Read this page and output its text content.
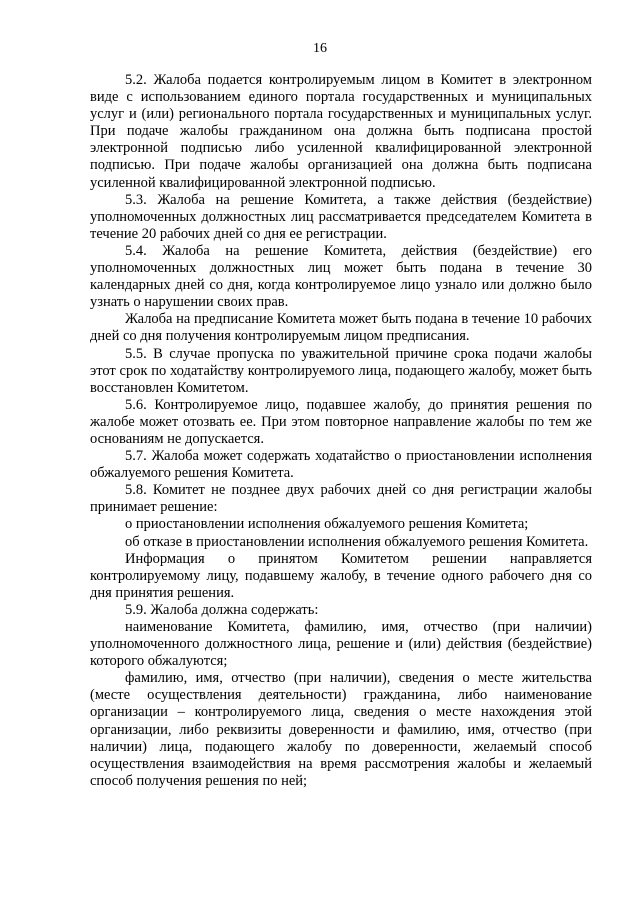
16

5.2. Жалоба подается контролируемым лицом в Комитет в электронном виде с использованием единого портала государственных и муниципальных услуг и (или) регионального портала государственных и муниципальных услуг. При подаче жалобы гражданином она должна быть подписана простой электронной подписью либо усиленной квалифицированной электронной подписью. При подаче жалобы организацией она должна быть подписана усиленной квалифицированной электронной подписью.

5.3. Жалоба на решение Комитета, а также действия (бездействие) уполномоченных должностных лиц рассматривается председателем Комитета в течение 20 рабочих дней со дня ее регистрации.

5.4. Жалоба на решение Комитета, действия (бездействие) его уполномоченных должностных лиц может быть подана в течение 30 календарных дней со дня, когда контролируемое лицо узнало или должно было узнать о нарушении своих прав.

Жалоба на предписание Комитета может быть подана в течение 10 рабочих дней со дня получения контролируемым лицом предписания.

5.5. В случае пропуска по уважительной причине срока подачи жалобы этот срок по ходатайству контролируемого лица, подающего жалобу, может быть восстановлен Комитетом.

5.6. Контролируемое лицо, подавшее жалобу, до принятия решения по жалобе может отозвать ее. При этом повторное направление жалобы по тем же основаниям не допускается.

5.7. Жалоба может содержать ходатайство о приостановлении исполнения обжалуемого решения Комитета.

5.8. Комитет не позднее двух рабочих дней со дня регистрации жалобы принимает решение:

о приостановлении исполнения обжалуемого решения Комитета;

об отказе в приостановлении исполнения обжалуемого решения Комитета.

Информация о принятом Комитетом решении направляется контролируемому лицу, подавшему жалобу, в течение одного рабочего дня со дня принятия решения.

5.9. Жалоба должна содержать:

наименование Комитета, фамилию, имя, отчество (при наличии) уполномоченного должностного лица, решение и (или) действия (бездействие) которого обжалуются;

фамилию, имя, отчество (при наличии), сведения о месте жительства (месте осуществления деятельности) гражданина, либо наименование организации – контролируемого лица, сведения о месте нахождения этой организации, либо реквизиты доверенности и фамилию, имя, отчество (при наличии) лица, подающего жалобу по доверенности, желаемый способ осуществления взаимодействия на время рассмотрения жалобы и желаемый способ получения решения по ней;
